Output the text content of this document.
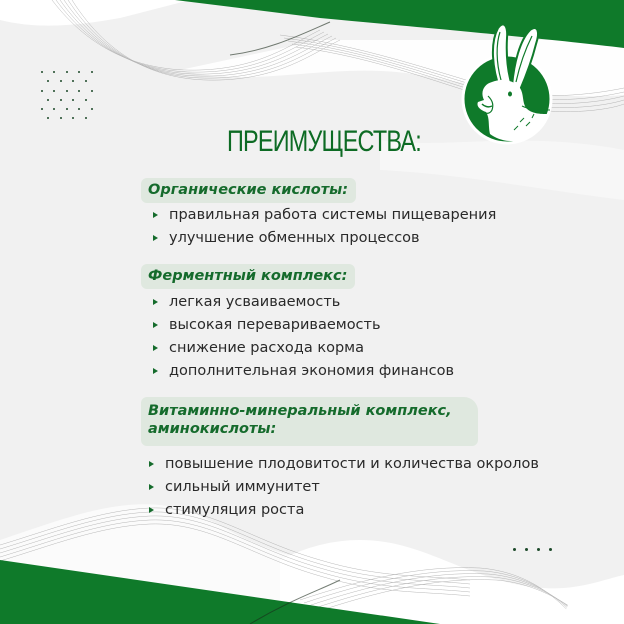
ПРЕИМУЩЕСТВА:
Органические кислоты:
правильная работа системы пищеварения
улучшение обменных процессов
Ферментный комплекс:
легкая усваиваемость
высокая перевариваемость
снижение расхода корма
дополнительная экономия финансов
Витаминно-минеральный комплекс,
аминокислоты:
повышение плодовитости и количества окролов
сильный иммунитет
стимуляция роста
